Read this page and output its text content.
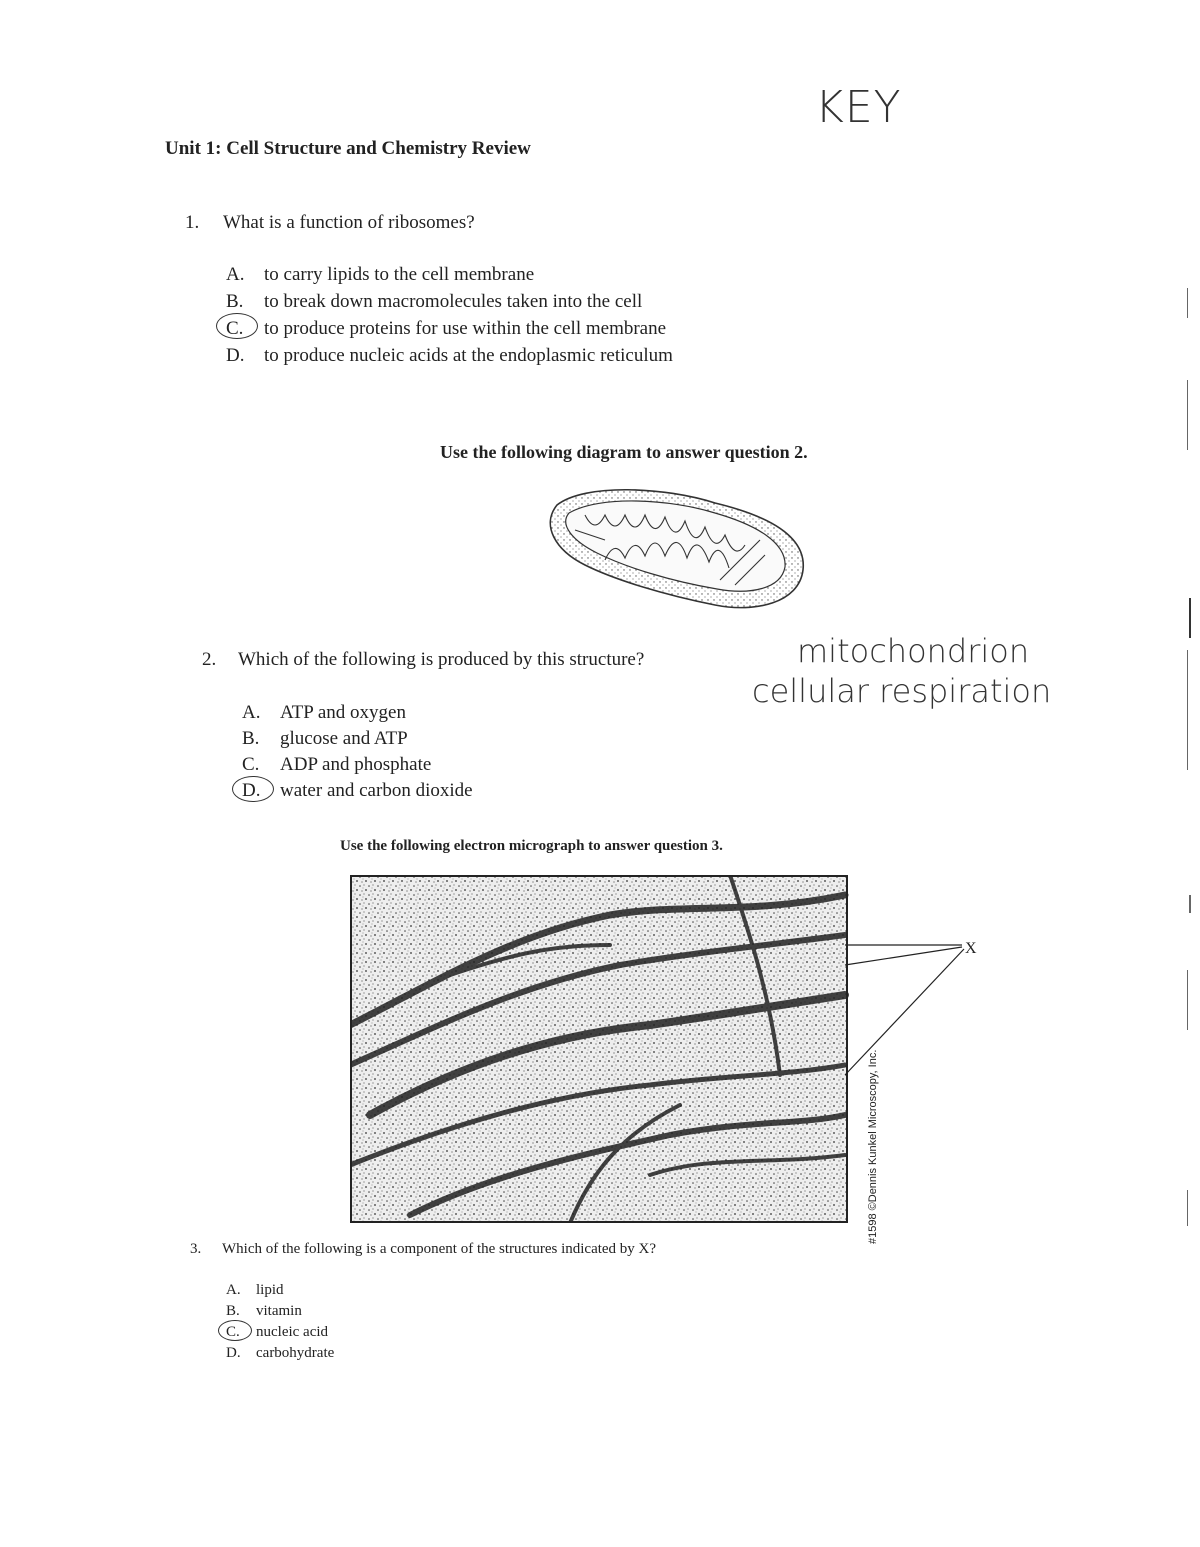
KEY
Unit 1: Cell Structure and Chemistry Review
1. What is a function of ribosomes?
A. to carry lipids to the cell membrane
B. to break down macromolecules taken into the cell
C. to produce proteins for use within the cell membrane
D. to produce nucleic acids at the endoplasmic reticulum
Use the following diagram to answer question 2.
2. Which of the following is produced by this structure?	mitochondrion
cellular respiration
A. ATP and oxygen
B. glucose and ATP
C. ADP and phosphate
D. water and carbon dioxide
Use the following electron micrograph to answer question 3.
X
#1598 ©Dennis Kunkel Microscopy, Inc.
3. Which of the following is a component of the structures indicated by X?
A. lipid
B. vitamin
C. nucleic acid
D. carbohydrate
